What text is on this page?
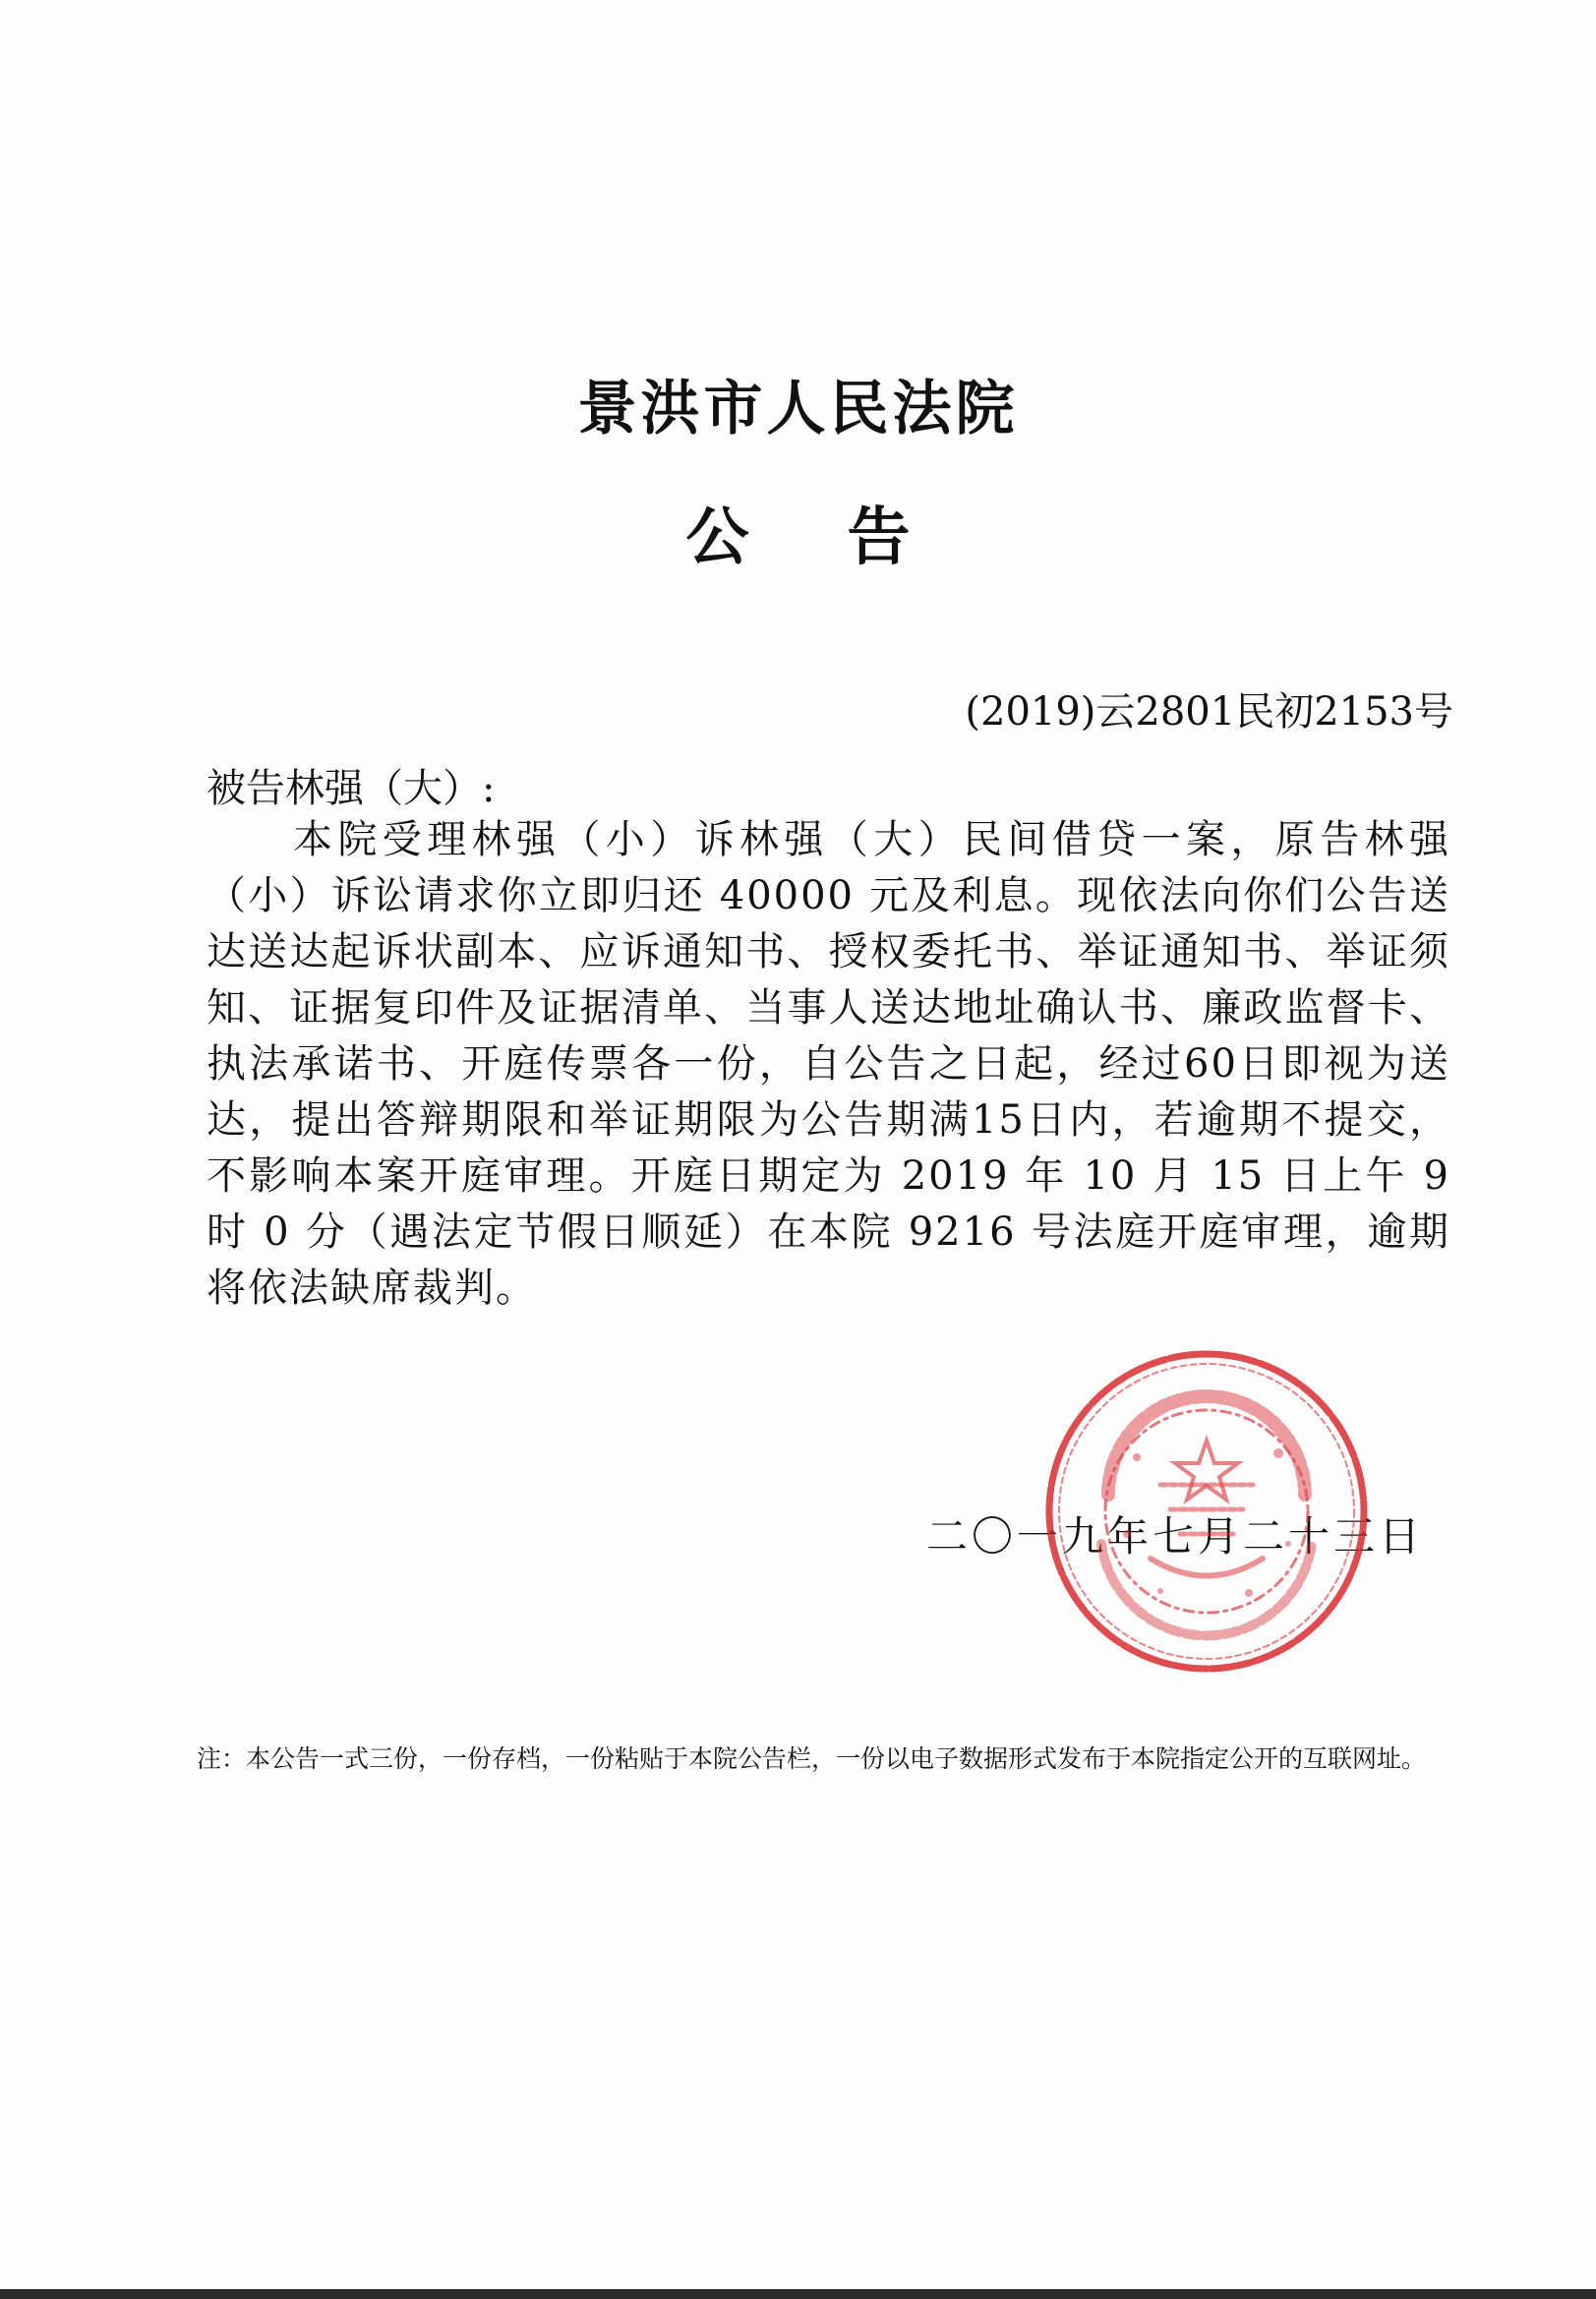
景洪市人民法院
公告
(2019)云2801民初2153号
被告林强（大）:
本院受理林强（小）诉林强（大）民间借贷一案，原告林强（小）诉讼请求你立即归还 40000 元及利息。现依法向你们公告送达送达起诉状副本、应诉通知书、授权委托书、举证通知书、举证须知、证据复印件及证据清单、当事人送达地址确认书、廉政监督卡、执法承诺书、开庭传票各一份，自公告之日起，经过60日即视为送达，提出答辩期限和举证期限为公告期满15日内，若逾期不提交，不影响本案开庭审理。开庭日期定为 2019 年 10 月 15 日上午 9 时 0 分（遇法定节假日顺延）在本院 9216 号法庭开庭审理，逾期将依法缺席裁判。
二〇一九年七月二十三日
注：本公告一式三份，一份存档，一份粘贴于本院公告栏，一份以电子数据形式发布于本院指定公开的互联网址。
